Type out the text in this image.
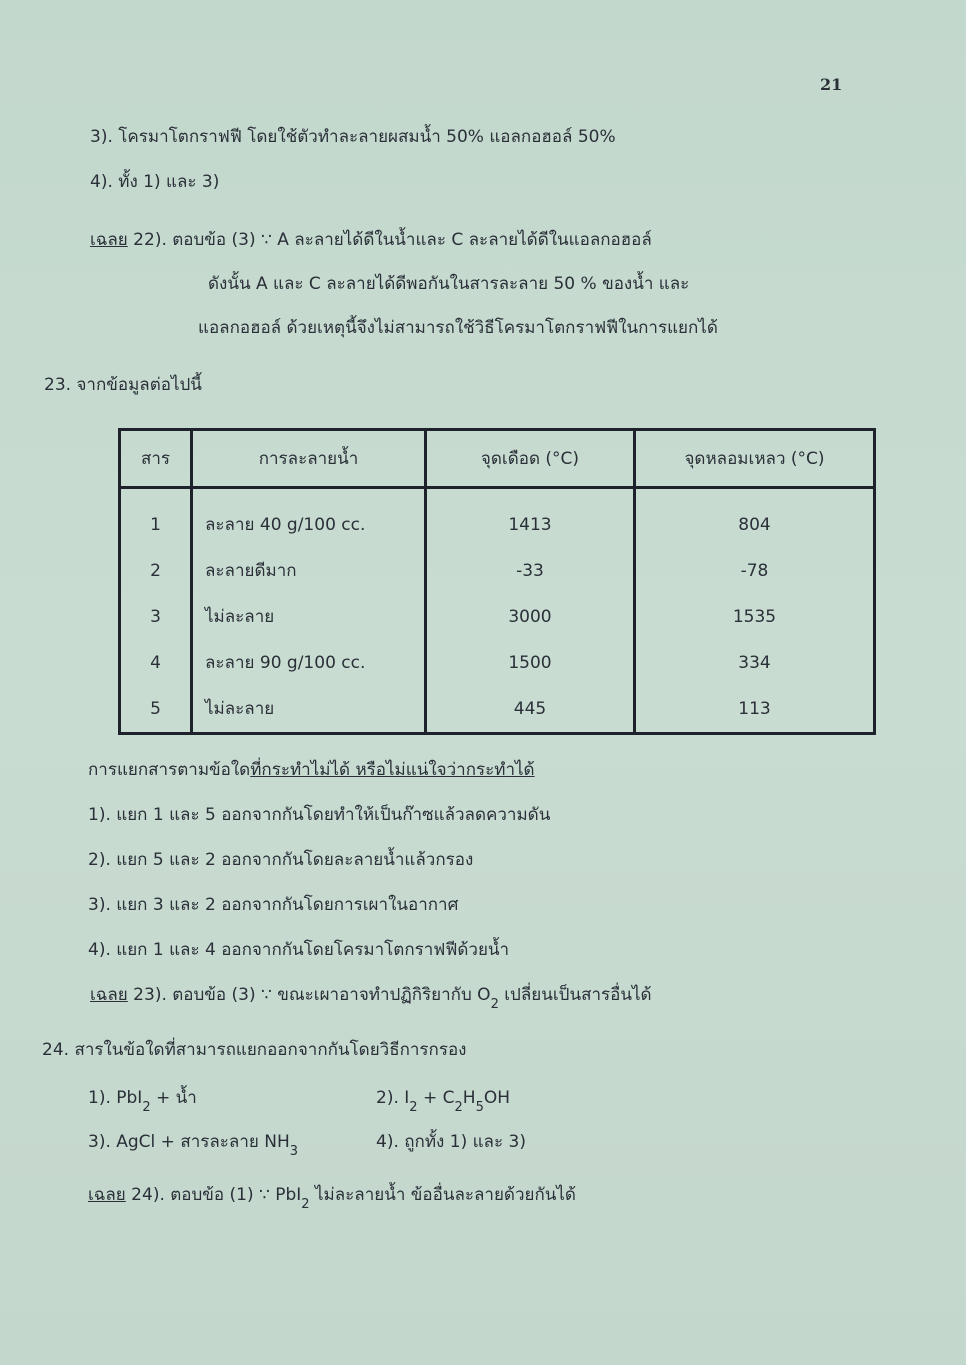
21
3). โครมาโตกราฟฟี โดยใช้ตัวทำละลายผสมน้ำ 50% แอลกอฮอล์ 50%
4). ทั้ง 1) และ 3)
เฉลย 22). ตอบข้อ (3) ∵ A ละลายได้ดีในน้ำและ C ละลายได้ดีในแอลกอฮอล์
ดังนั้น A และ C ละลายได้ดีพอกันในสารละลาย 50 % ของน้ำ และ
แอลกอฮอล์ ด้วยเหตุนี้จึงไม่สามารถใช้วิธีโครมาโตกราฟฟีในการแยกได้
23. จากข้อมูลต่อไปนี้
สาร	การละลายน้ำ	จุดเดือด (°C)	จุดหลอมเหลว (°C)
1	ละลาย 40 g/100 cc.	1413	804
2	ละลายดีมาก	-33	-78
3	ไม่ละลาย	3000	1535
4	ละลาย 90 g/100 cc.	1500	334
5	ไม่ละลาย	445	113
การแยกสารตามข้อใดที่กระทำไม่ได้ หรือไม่แน่ใจว่ากระทำได้
1). แยก 1 และ 5 ออกจากกันโดยทำให้เป็นก๊าซแล้วลดความดัน
2). แยก 5 และ 2 ออกจากกันโดยละลายน้ำแล้วกรอง
3). แยก 3 และ 2 ออกจากกันโดยการเผาในอากาศ
4). แยก 1 และ 4 ออกจากกันโดยโครมาโตกราฟฟีด้วยน้ำ
เฉลย 23). ตอบข้อ (3) ∵ ขณะเผาอาจทำปฏิกิริยากับ $O_2$ เปลี่ยนเป็นสารอื่นได้
24. สารในข้อใดที่สามารถแยกออกจากกันโดยวิธีการกรอง
1). PbI$_2$ + น้ำ	2). $I_2 + C_2H_5OH$
3). AgCl + สารละลาย $NH_3$	4). ถูกทั้ง 1) และ 3)
เฉลย 24). ตอบข้อ (1) ∵ PbI$_2$ ไม่ละลายน้ำ ข้ออื่นละลายด้วยกันได้
